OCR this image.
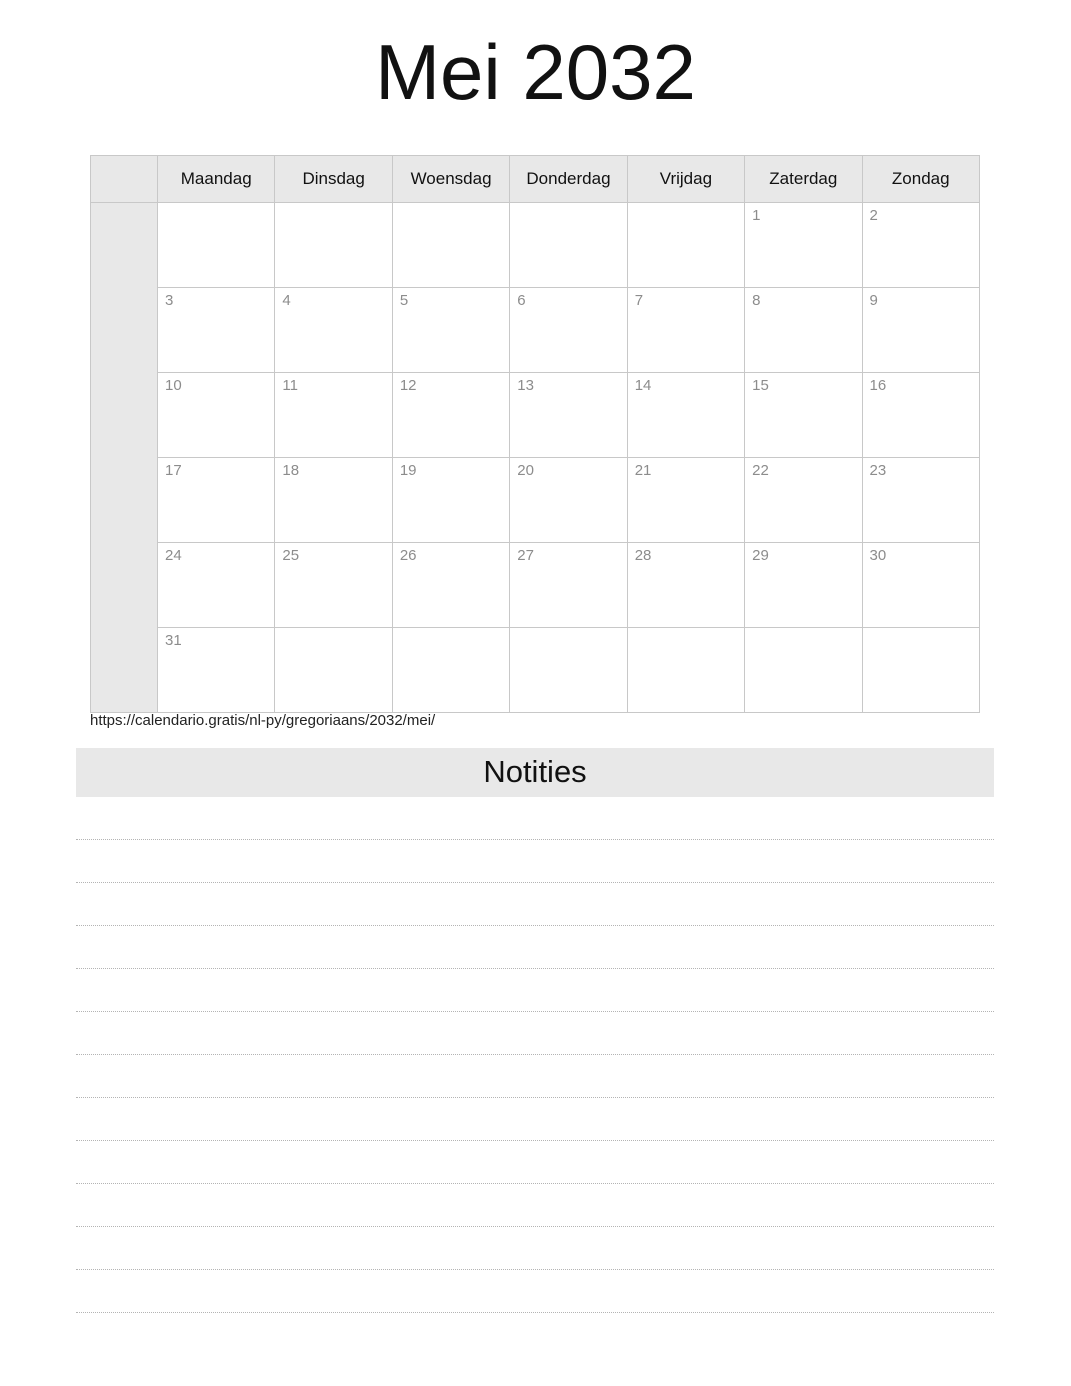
Mei 2032
	Maandag	Dinsdag	Woensdag	Donderdag	Vrijdag	Zaterdag	Zondag

						1	2

	3	4	5	6	7	8	9

	10	11	12	13	14	15	16

	17	18	19	20	21	22	23

	24	25	26	27	28	29	30

	31						

https://calendario.gratis/nl-py/gregoriaans/2032/mei/
Notities
